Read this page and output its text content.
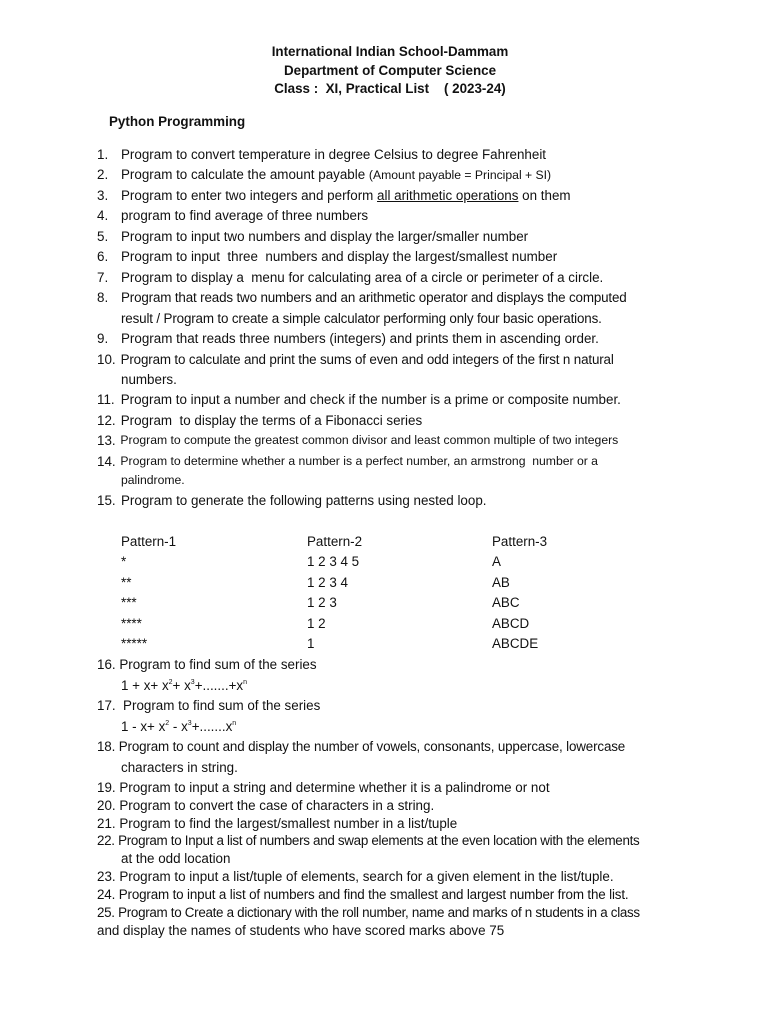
International Indian School-Dammam
Department of Computer Science
Class :  XI, Practical List    ( 2023-24)
Python Programming
1. Program to convert temperature in degree Celsius to degree Fahrenheit
2. Program to calculate the amount payable (Amount payable = Principal + SI)
3. Program to enter two integers and perform all arithmetic operations on them
4. program to find average of three numbers
5. Program to input two numbers and display the larger/smaller number
6. Program to input  three  numbers and display the largest/smallest number
7. Program to display a  menu for calculating area of a circle or perimeter of a circle.
8. Program that reads two numbers and an arithmetic operator and displays the computed
result / Program to create a simple calculator performing only four basic operations.
9. Program that reads three numbers (integers) and prints them in ascending order.
10. Program to calculate and print the sums of even and odd integers of the first n natural
numbers.
11. Program to input a number and check if the number is a prime or composite number.
12. Program  to display the terms of a Fibonacci series
13. Program to compute the greatest common divisor and least common multiple of two integers
14. Program to determine whether a number is a perfect number, an armstrong  number or a
palindrome.
15. Program to generate the following patterns using nested loop.
Pattern-1	Pattern-2	Pattern-3
*	1 2 3 4 5	A
**	1 2 3 4	AB
***	1 2 3	ABC
****	1 2	ABCD
*****	1	ABCDE
16. Program to find sum of the series
$1 + x+ x^2+ x^3+.......+x^n$
17.  Program to find sum of the series
$1 - x+ x^2 - x^3+.......x^n$
18. Program to count and display the number of vowels, consonants, uppercase, lowercase
characters in string.
19. Program to input a string and determine whether it is a palindrome or not
20. Program to convert the case of characters in a string.
21. Program to find the largest/smallest number in a list/tuple
22. Program to Input a list of numbers and swap elements at the even location with the elements
at the odd location
23. Program to input a list/tuple of elements, search for a given element in the list/tuple.
24. Program to input a list of numbers and find the smallest and largest number from the list.
25. Program to Create a dictionary with the roll number, name and marks of n students in a class
and display the names of students who have scored marks above 75
